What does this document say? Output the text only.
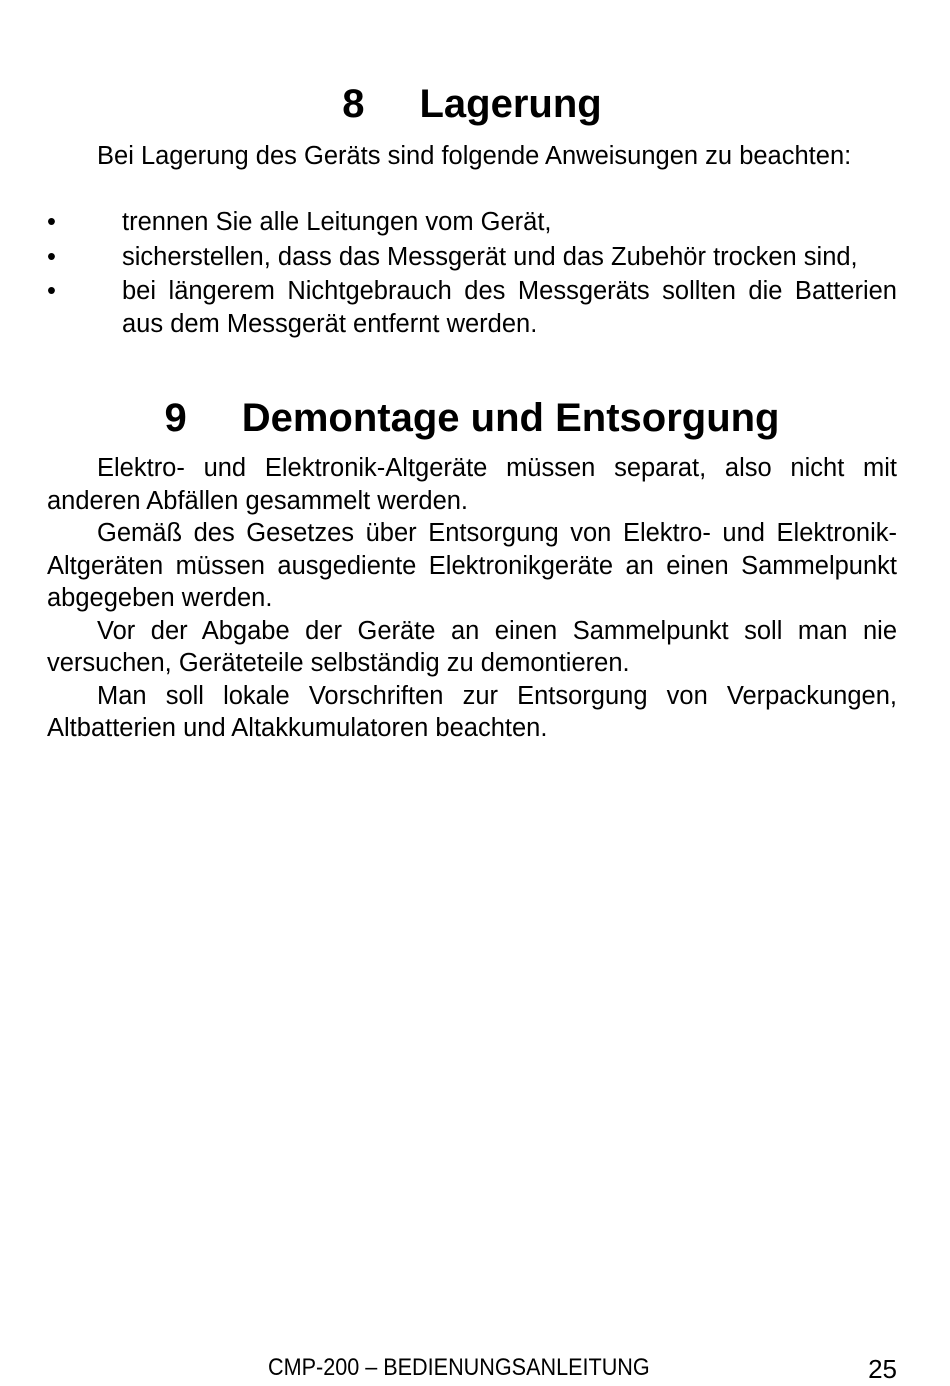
8 Lagerung

Bei Lagerung des Geräts sind folgende Anweisungen zu beachten:

•	trennen Sie alle Leitungen vom Gerät,
•	sicherstellen, dass das Messgerät und das Zubehör trocken sind,
•	bei längerem Nichtgebrauch des Messgeräts sollten die Batterien aus dem Messgerät entfernt werden.
9 Demontage und Entsorgung

Elektro- und Elektronik-Altgeräte müssen separat, also nicht mit anderen Abfällen gesammelt werden.

Gemäß des Gesetzes über Entsorgung von Elektro- und Elektronik-Altgeräten müssen ausgediente Elektronikgeräte an einen Sammelpunkt abgegeben werden.

Vor der Abgabe der Geräte an einen Sammelpunkt soll man nie versuchen, Geräteteile selbständig zu demontieren.

Man soll lokale Vorschriften zur Entsorgung von Verpackungen, Altbatterien und Altakkumulatoren beachten.

CMP-200 – BEDIENUNGSANLEITUNG	25
